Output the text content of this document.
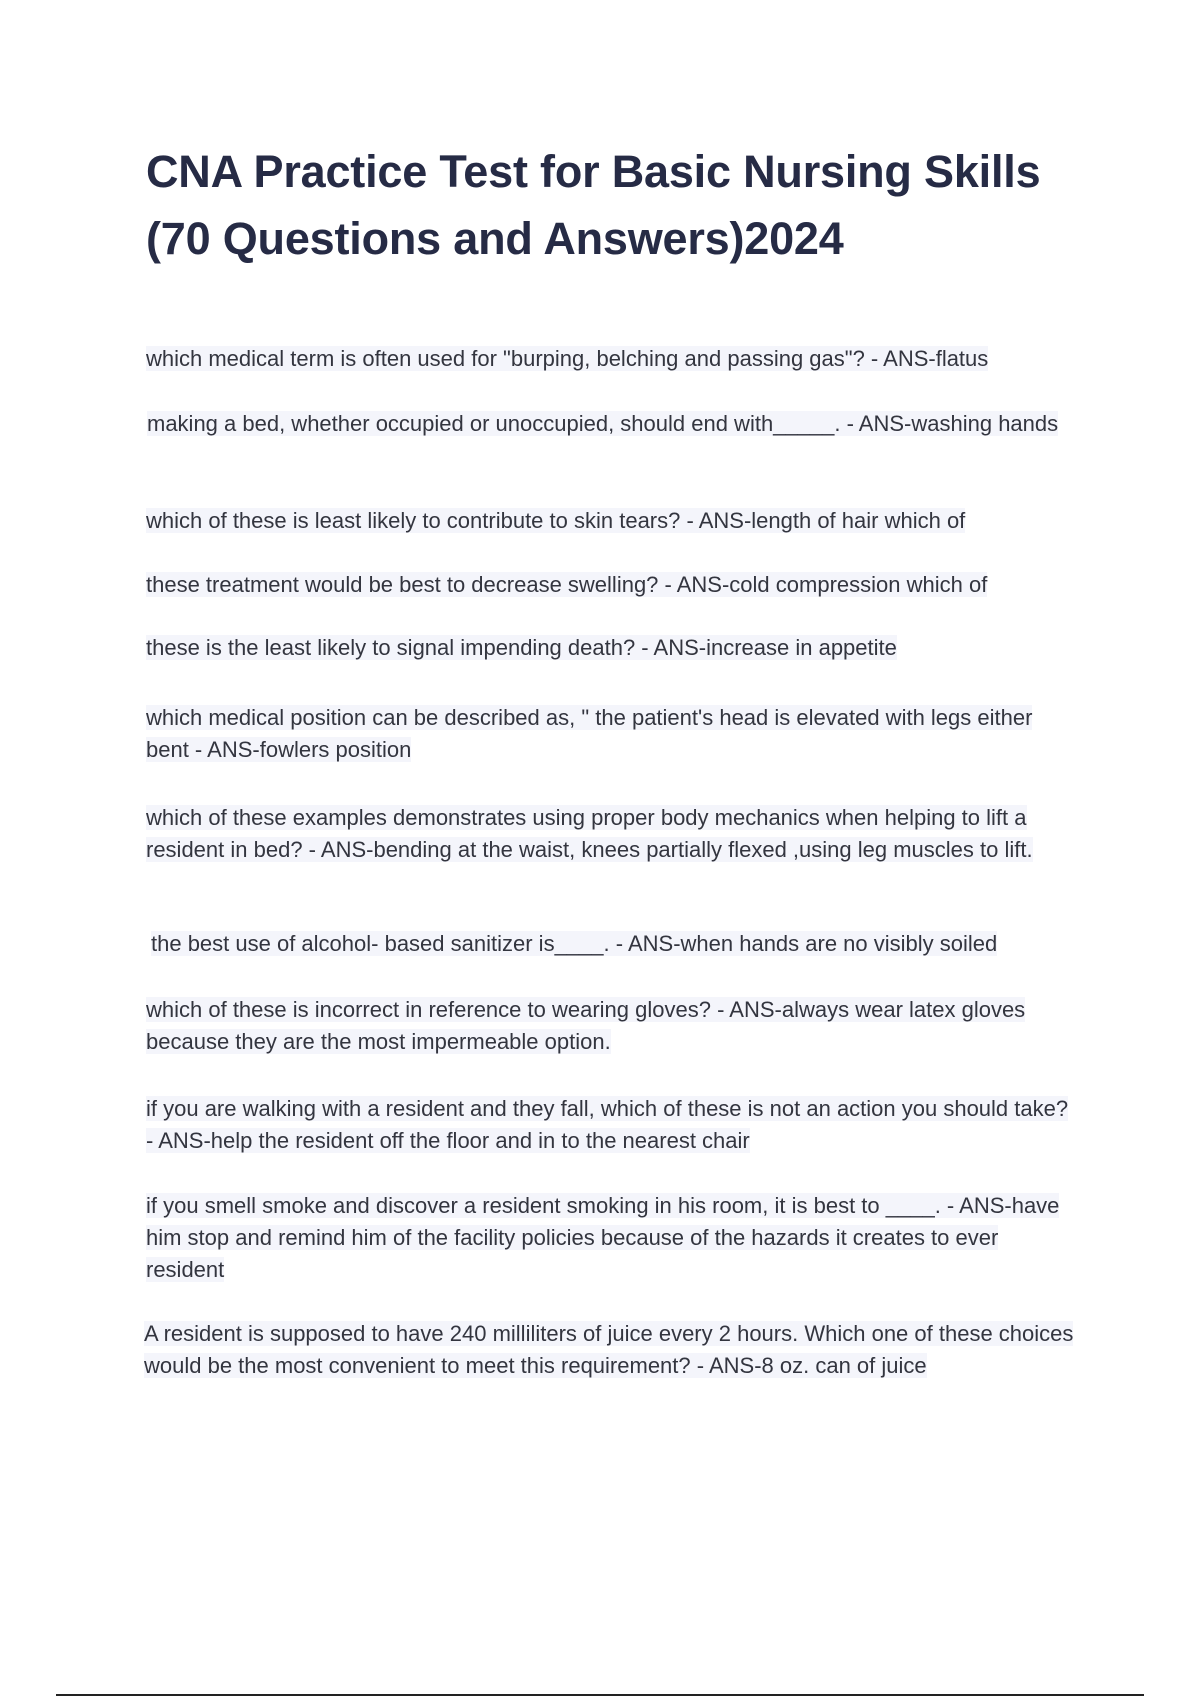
CNA Practice Test for Basic Nursing Skills (70 Questions and Answers)2024

which medical term is often used for "burping, belching and passing gas"? - ANS-flatus

making a bed, whether occupied or unoccupied, should end with_____. - ANS-washing hands

which of these is least likely to contribute to skin tears? - ANS-length of hair which of

these treatment would be best to decrease swelling? - ANS-cold compression which of

these is the least likely to signal impending death? - ANS-increase in appetite

which medical position can be described as, " the patient's head is elevated with legs either bent - ANS-fowlers position

which of these examples demonstrates using proper body mechanics when helping to lift a resident in bed? - ANS-bending at the waist, knees partially flexed ,using leg muscles to lift.

the best use of alcohol- based sanitizer is____. - ANS-when hands are no visibly soiled

which of these is incorrect in reference to wearing gloves? - ANS-always wear latex gloves because they are the most impermeable option.

if you are walking with a resident and they fall, which of these is not an action you should take? - ANS-help the resident off the floor and in to the nearest chair

if you smell smoke and discover a resident smoking in his room, it is best to ____. - ANS-have him stop and remind him of the facility policies because of the hazards it creates to ever resident

A resident is supposed to have 240 milliliters of juice every 2 hours. Which one of these choices would be the most convenient to meet this requirement? - ANS-8 oz. can of juice
